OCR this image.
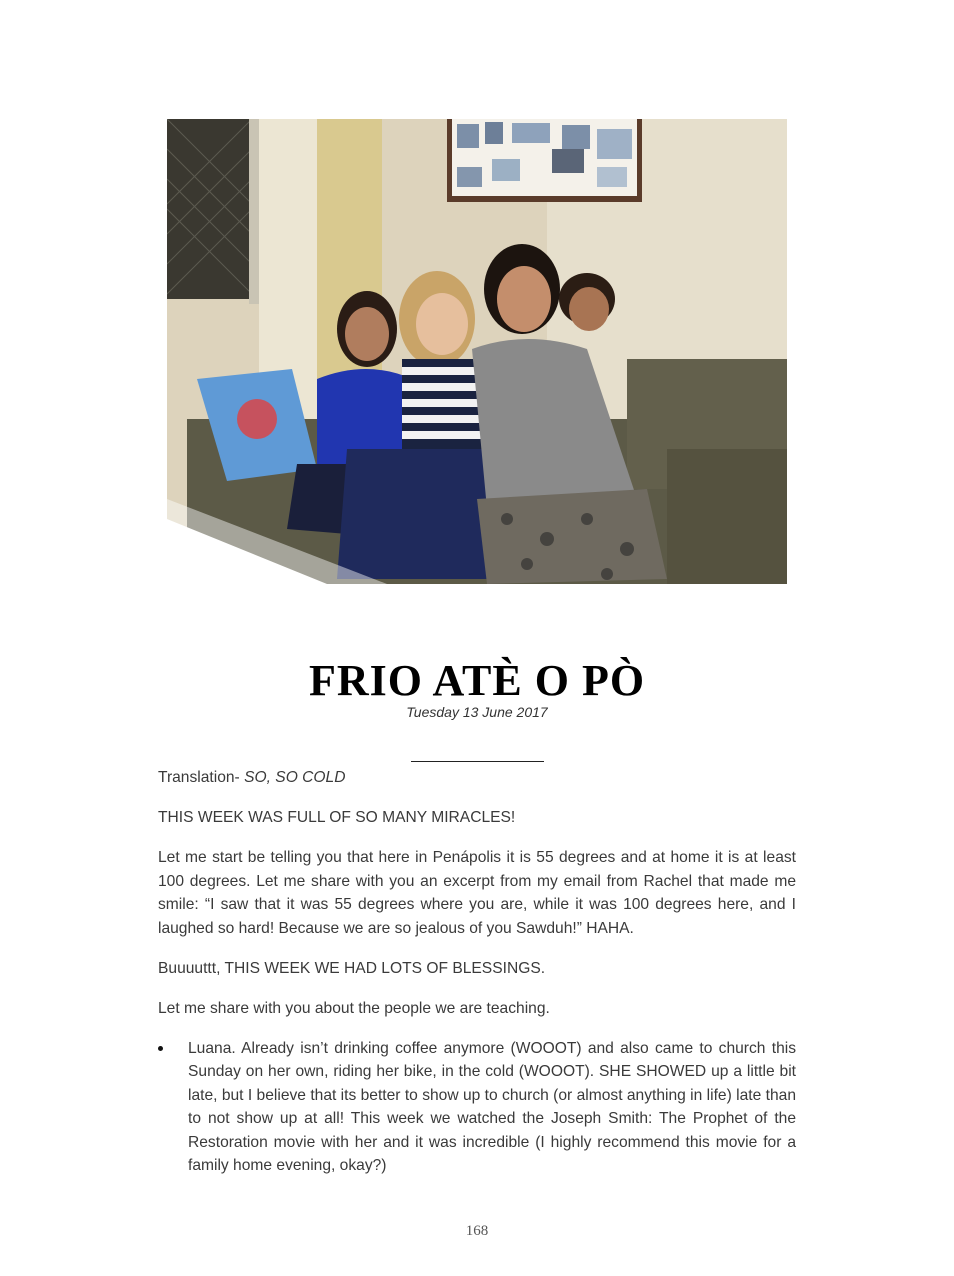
FRIO ATÈ O PÒ
Tuesday 13 June 2017

Translation- SO, SO COLD

THIS WEEK WAS FULL OF SO MANY MIRACLES!

Let me start be telling you that here in Penápolis it is 55 degrees and at home it is at least 100 degrees. Let me share with you an excerpt from my email from Rachel that made me smile: “I saw that it was 55 degrees where you are, while it was 100 degrees here, and I laughed so hard! Because we are so jealous of you Sawduh!” HAHA.

Buuuuttt, THIS WEEK WE HAD LOTS OF BLESSINGS.

Let me share with you about the people we are teaching.

Luana. Already isn’t drinking coffee anymore (WOOOT) and also came to church this Sunday on her own, riding her bike, in the cold (WOOOT). SHE SHOWED up a little bit late, but I believe that its better to show up to church (or almost anything in life) late than to not show up at all! This week we watched the Joseph Smith: The Prophet of the Restoration movie with her and it was incredible (I highly recommend this movie for a family home evening, okay?)
168
